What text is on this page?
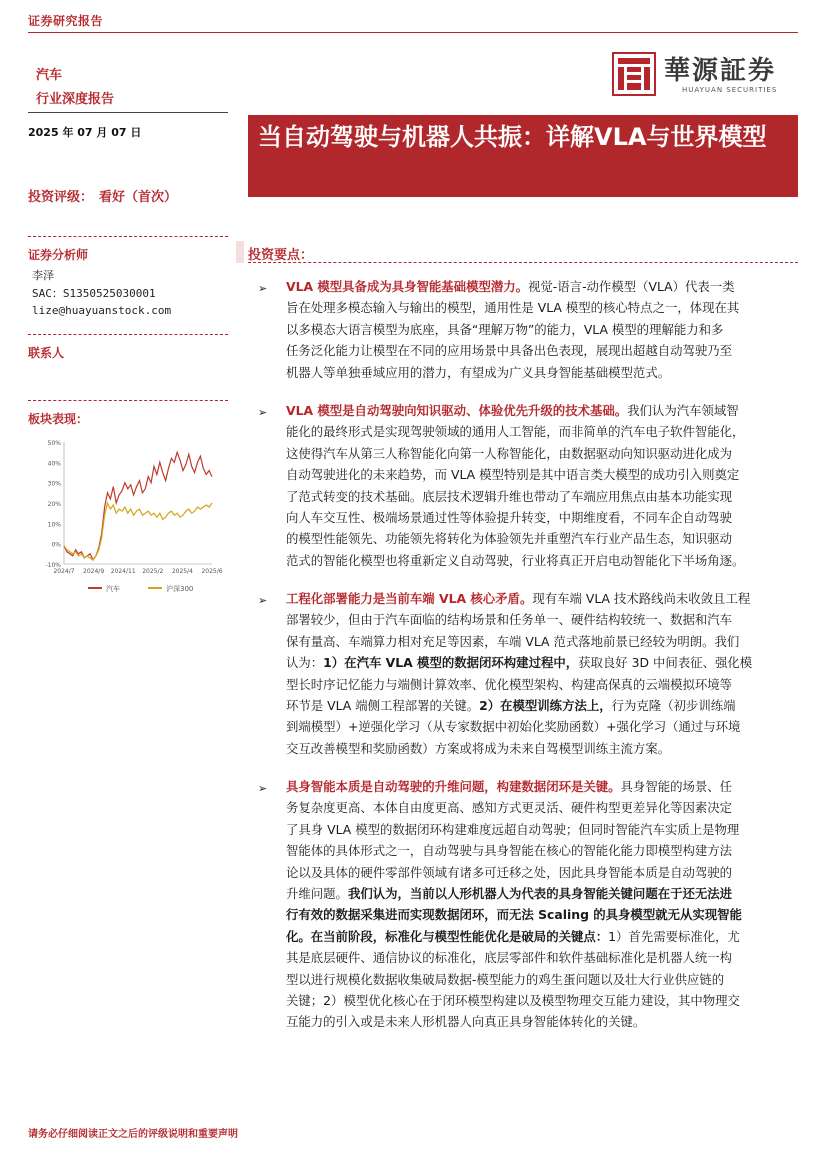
证券研究报告
汽车
行业深度报告
華源証券
HUAYUAN SECURITIES
2025 年 07 月 07 日	当自动驾驶与机器人共振：详解VLA与世界模型
投资评级： 看好（首次）
证券分析师
李泽
SAC：S1350525030001
lize@huayuanstock.com
联系人
板块表现：
-10%
0%
10%
20%
30%
40%
50%
2024/7 2024/9 2024/11 2025/2 2025/4 2025/6
汽车	沪深300
投资要点：
➢ VLA 模型具备成为具身智能基础模型潜力。视觉-语言-动作模型（VLA）代表一类
旨在处理多模态输入与输出的模型，通用性是 VLA 模型的核心特点之一，体现在其
以多模态大语言模型为底座，具备“理解万物”的能力，VLA 模型的理解能力和多
任务泛化能力让模型在不同的应用场景中具备出色表现，展现出超越自动驾驶乃至
机器人等单独垂域应用的潜力，有望成为广义具身智能基础模型范式。
➢ VLA 模型是自动驾驶向知识驱动、体验优先升级的技术基础。我们认为汽车领域智
能化的最终形式是实现驾驶领域的通用人工智能，而非简单的汽车电子软件智能化，
这使得汽车从第三人称智能化向第一人称智能化，由数据驱动向知识驱动进化成为
自动驾驶进化的未来趋势，而 VLA 模型特别是其中语言类大模型的成功引入则奠定
了范式转变的技术基础。底层技术逻辑升维也带动了车端应用焦点由基本功能实现
向人车交互性、极端场景通过性等体验提升转变，中期维度看，不同车企自动驾驶
的模型性能领先、功能领先将转化为体验领先并重塑汽车行业产品生态，知识驱动
范式的智能化模型也将重新定义自动驾驶，行业将真正开启电动智能化下半场角逐。
➢ 工程化部署能力是当前车端 VLA 核心矛盾。现有车端 VLA 技术路线尚未收敛且工程
部署较少，但由于汽车面临的结构场景和任务单一、硬件结构较统一、数据和汽车
保有量高、车端算力相对充足等因素，车端 VLA 范式落地前景已经较为明朗。我们
认为：1）在汽车 VLA 模型的数据闭环构建过程中，获取良好 3D 中间表征、强化模
型长时序记忆能力与端侧计算效率、优化模型架构、构建高保真的云端模拟环境等
环节是 VLA 端侧工程部署的关键。2）在模型训练方法上，行为克隆（初步训练端
到端模型）+逆强化学习（从专家数据中初始化奖励函数）+强化学习（通过与环境
交互改善模型和奖励函数）方案或将成为未来自驾模型训练主流方案。
➢ 具身智能本质是自动驾驶的升维问题，构建数据闭环是关键。具身智能的场景、任
务复杂度更高、本体自由度更高、感知方式更灵活、硬件构型更差异化等因素决定
了具身 VLA 模型的数据闭环构建难度远超自动驾驶；但同时智能汽车实质上是物理
智能体的具体形式之一，自动驾驶与具身智能在核心的智能化能力即模型构建方法
论以及具体的硬件零部件领域有诸多可迁移之处，因此具身智能本质是自动驾驶的
升维问题。我们认为，当前以人形机器人为代表的具身智能关键问题在于还无法进
行有效的数据采集进而实现数据闭环，而无法 Scaling 的具身模型就无从实现智能
化。在当前阶段，标准化与模型性能优化是破局的关键点：1）首先需要标准化，尤
其是底层硬件、通信协议的标准化，底层零部件和软件基础标准化是机器人统一构
型以进行规模化数据收集破局数据-模型能力的鸡生蛋问题以及壮大行业供应链的
关键；2）模型优化核心在于闭环模型构建以及模型物理交互能力建设，其中物理交
互能力的引入或是未来人形机器人向真正具身智能体转化的关键。
请务必仔细阅读正文之后的评级说明和重要声明
